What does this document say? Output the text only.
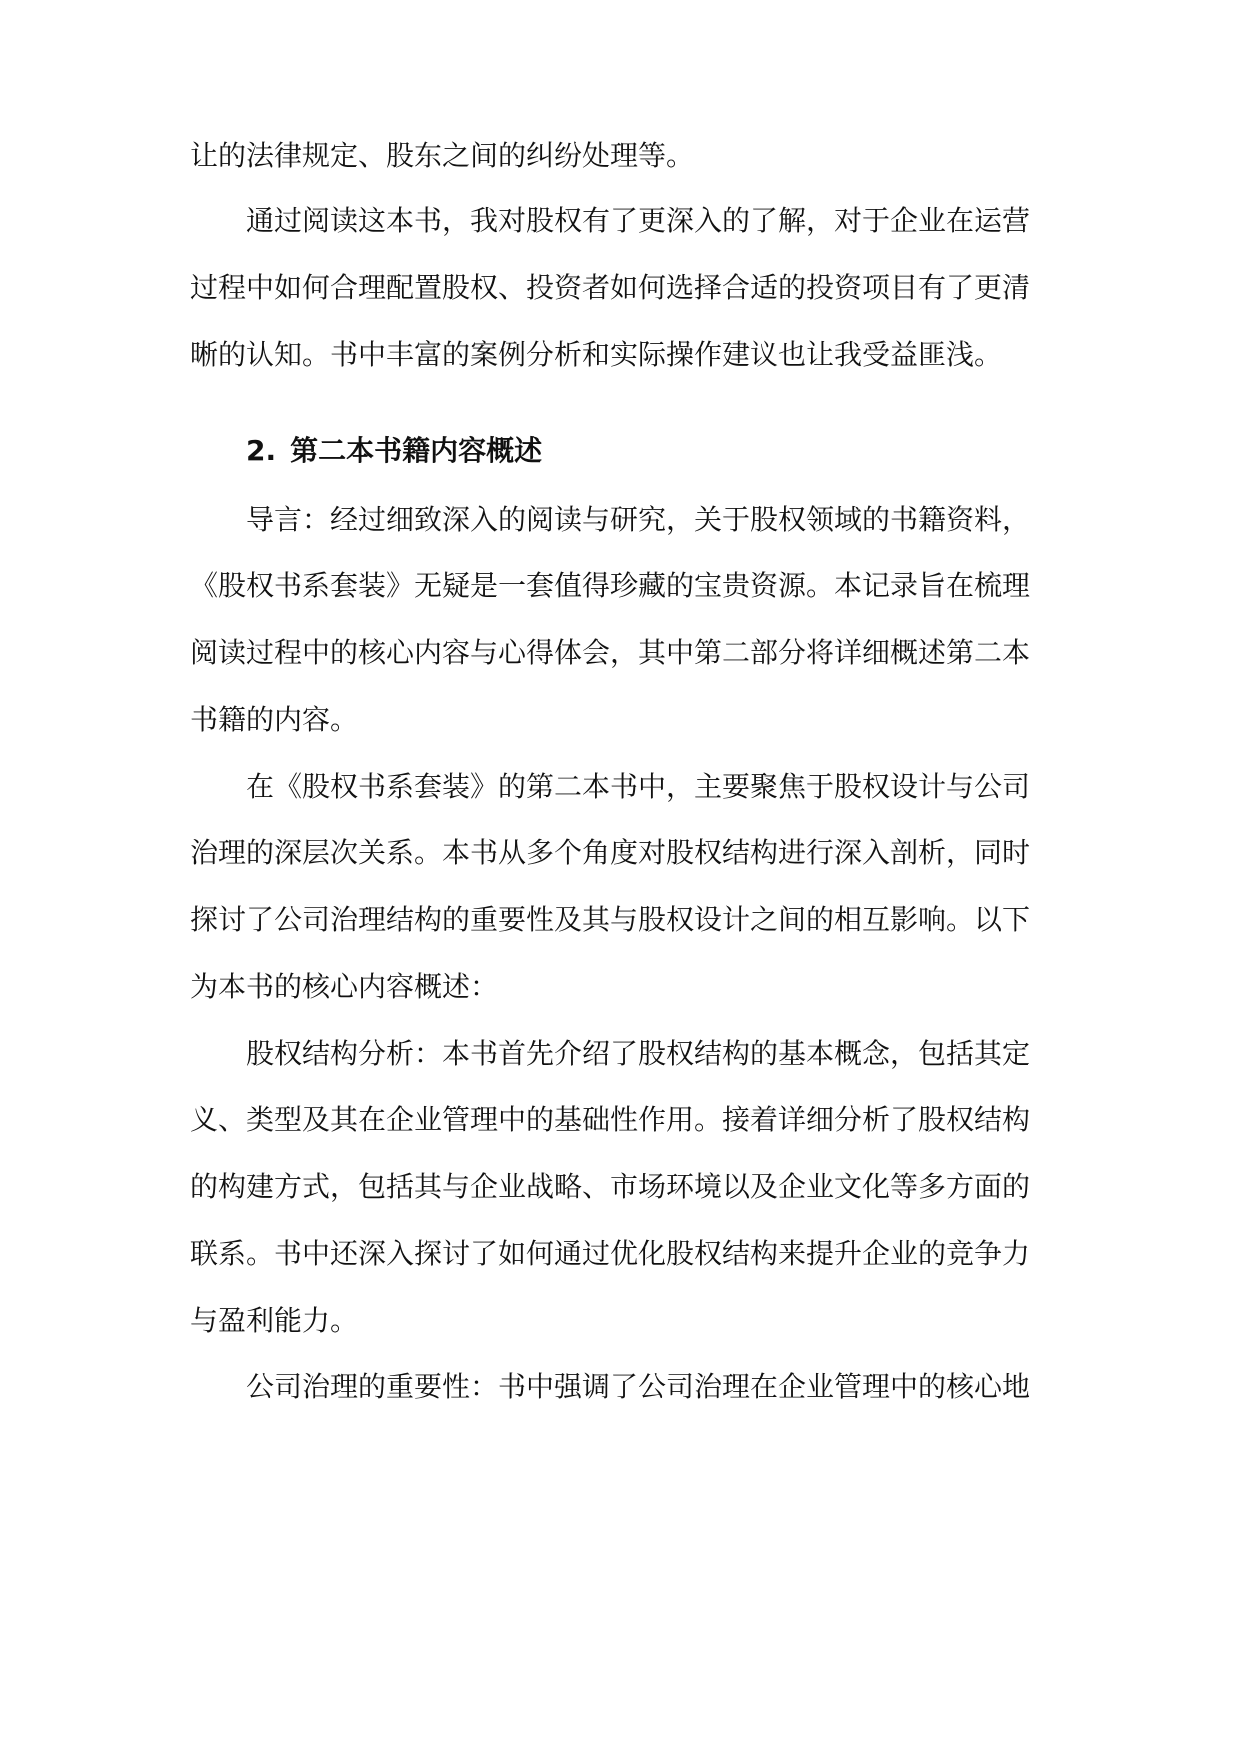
让的法律规定、股东之间的纠纷处理等。
通过阅读这本书，我对股权有了更深入的了解，对于企业在运营
过程中如何合理配置股权、投资者如何选择合适的投资项目有了更清
晰的认知。书中丰富的案例分析和实际操作建议也让我受益匪浅。
2. 第二本书籍内容概述
导言：经过细致深入的阅读与研究，关于股权领域的书籍资料，
《股权书系套装》无疑是一套值得珍藏的宝贵资源。本记录旨在梳理
阅读过程中的核心内容与心得体会，其中第二部分将详细概述第二本
书籍的内容。
在《股权书系套装》的第二本书中，主要聚焦于股权设计与公司
治理的深层次关系。本书从多个角度对股权结构进行深入剖析，同时
探讨了公司治理结构的重要性及其与股权设计之间的相互影响。以下
为本书的核心内容概述：
股权结构分析：本书首先介绍了股权结构的基本概念，包括其定
义、类型及其在企业管理中的基础性作用。接着详细分析了股权结构
的构建方式，包括其与企业战略、市场环境以及企业文化等多方面的
联系。书中还深入探讨了如何通过优化股权结构来提升企业的竞争力
与盈利能力。
公司治理的重要性：书中强调了公司治理在企业管理中的核心地
